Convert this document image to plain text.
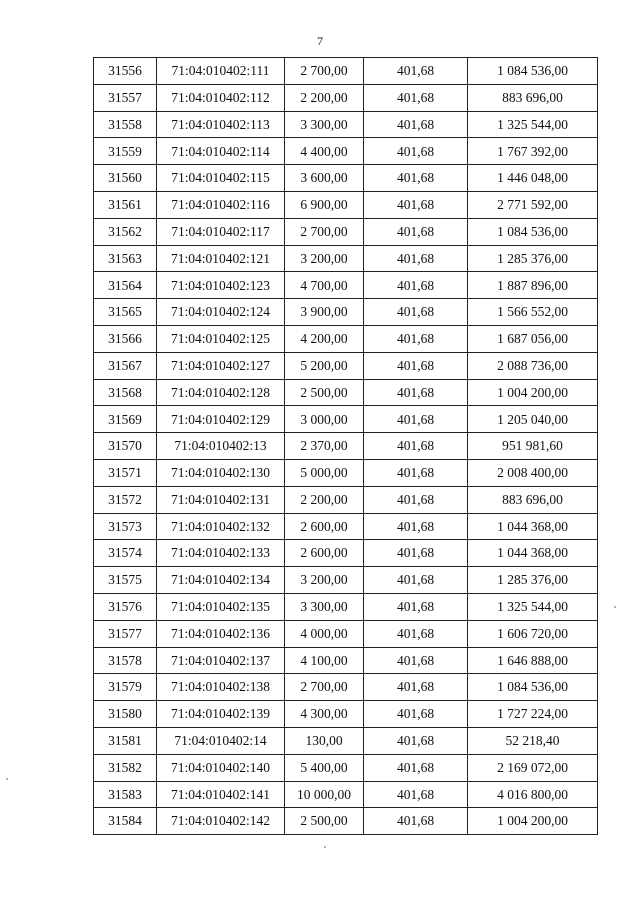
7
31556	71:04:010402:111	2 700,00	401,68	1 084 536,00
31557	71:04:010402:112	2 200,00	401,68	883 696,00
31558	71:04:010402:113	3 300,00	401,68	1 325 544,00
31559	71:04:010402:114	4 400,00	401,68	1 767 392,00
31560	71:04:010402:115	3 600,00	401,68	1 446 048,00
31561	71:04:010402:116	6 900,00	401,68	2 771 592,00
31562	71:04:010402:117	2 700,00	401,68	1 084 536,00
31563	71:04:010402:121	3 200,00	401,68	1 285 376,00
31564	71:04:010402:123	4 700,00	401,68	1 887 896,00
31565	71:04:010402:124	3 900,00	401,68	1 566 552,00
31566	71:04:010402:125	4 200,00	401,68	1 687 056,00
31567	71:04:010402:127	5 200,00	401,68	2 088 736,00
31568	71:04:010402:128	2 500,00	401,68	1 004 200,00
31569	71:04:010402:129	3 000,00	401,68	1 205 040,00
31570	71:04:010402:13	2 370,00	401,68	951 981,60
31571	71:04:010402:130	5 000,00	401,68	2 008 400,00
31572	71:04:010402:131	2 200,00	401,68	883 696,00
31573	71:04:010402:132	2 600,00	401,68	1 044 368,00
31574	71:04:010402:133	2 600,00	401,68	1 044 368,00
31575	71:04:010402:134	3 200,00	401,68	1 285 376,00
31576	71:04:010402:135	3 300,00	401,68	1 325 544,00
31577	71:04:010402:136	4 000,00	401,68	1 606 720,00
31578	71:04:010402:137	4 100,00	401,68	1 646 888,00
31579	71:04:010402:138	2 700,00	401,68	1 084 536,00
31580	71:04:010402:139	4 300,00	401,68	1 727 224,00
31581	71:04:010402:14	130,00	401,68	52 218,40
31582	71:04:010402:140	5 400,00	401,68	2 169 072,00
31583	71:04:010402:141	10 000,00	401,68	4 016 800,00
31584	71:04:010402:142	2 500,00	401,68	1 004 200,00
